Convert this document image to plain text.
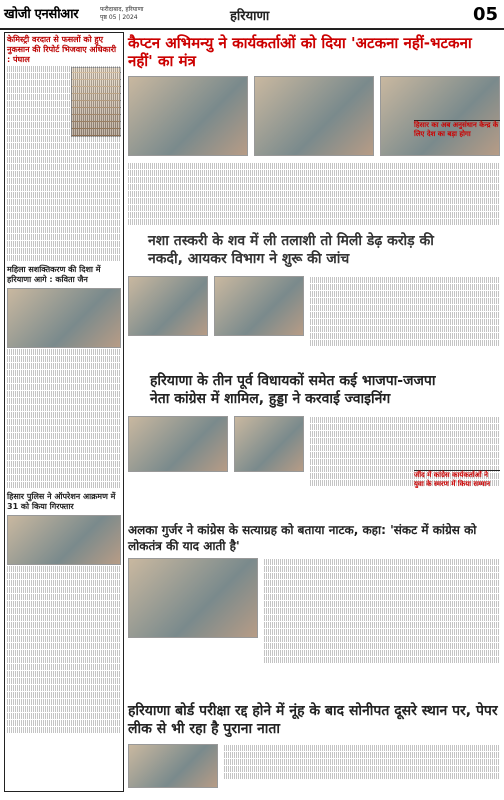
खोजी एनसीआर	फरीदाबाद, हरियाणा
पृष्ठ 05 | 2024	हरियाणा	05
केमिस्ट्री वरदात से फसलों को हुए नुकसान की रिपोर्ट भिजवाए अधिकारी : पंघाल
महिला सशक्तिकरण की दिशा में हरियाणा आगे : कविता जैन
हिसार पुलिस ने ऑपरेशन आक्रमण में 31 को किया गिरफ्तार
कैप्टन अभिमन्यु ने कार्यकर्ताओं को दिया 'अटकना नहीं-भटकना नहीं' का मंत्र
नशा तस्करी के शव में ली तलाशी तो मिली डेढ़ करोड़ की नकदी, आयकर विभाग ने शुरू की जांच
हरियाणा के तीन पूर्व विधायकों समेत कई भाजपा-जजपा नेता कांग्रेस में शामिल, हुड्डा ने करवाई ज्वाइनिंग
अलका गुर्जर ने कांग्रेस के सत्याग्रह को बताया नाटक, कहा: 'संकट में कांग्रेस को लोकतंत्र की याद आती है'
हरियाणा बोर्ड परीक्षा रद्द होने में नूंह के बाद सोनीपत दूसरे स्थान पर, पेपर लीक से भी रहा है पुराना नाता
हिसार का अब अनुसंधान केन्द्र के लिए देश का बड़ा होगा
जींद में कांग्रेस कार्यकर्ताओं ने युवा के स्मरण में किया सम्मान
